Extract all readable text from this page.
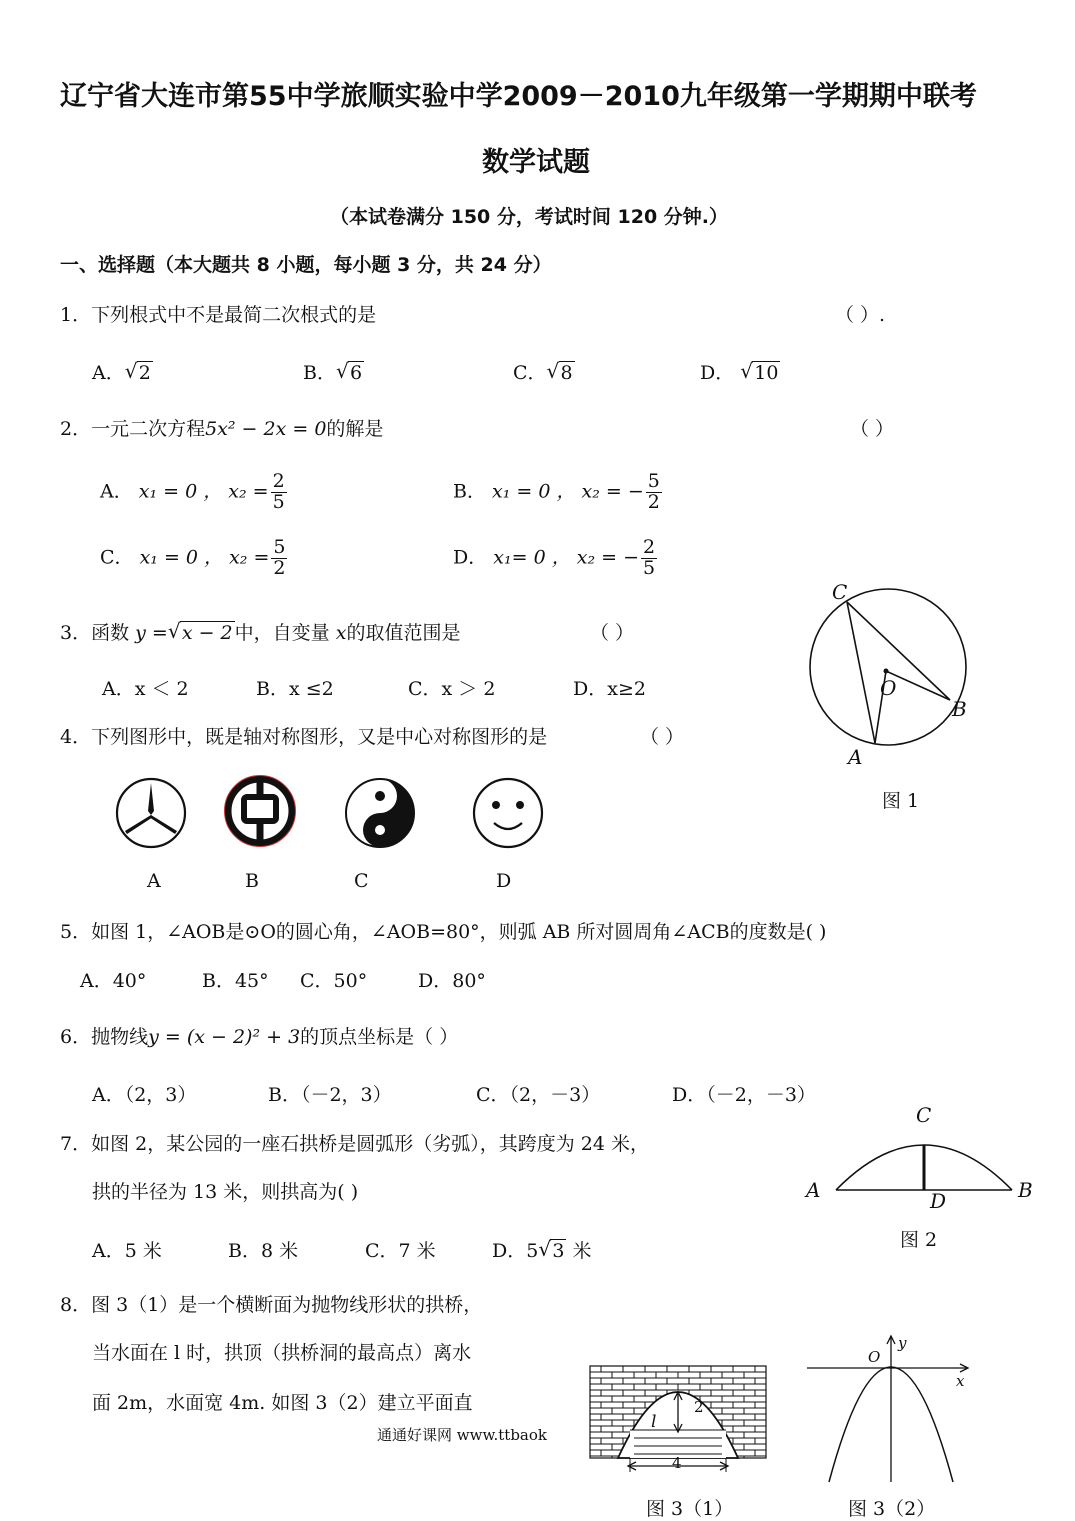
辽宁省大连市第55中学旅顺实验中学2009－2010九年级第一学期期中联考
数学试题
（本试卷满分 150 分，考试时间 120 分钟.）
一、选择题（本大题共 8 小题，每小题 3 分，共 24 分）
1．下列根式中不是最简二次根式的是	（ ）.
A． √ 2	B． √ 6	C． √ 8	D． √ 10
2．一元二次方程5x² − 2x = 0的解是	（ ）
A． x₁ = 0 ， $x_2 = \frac{2}{5}$	B． x₁ = 0 ， x₂ = − $\frac{5}{2}$
C． x₁ = 0 ， $x_2 = \frac{5}{2}$	D． x₁= 0 ， x₂ = − $\frac{2}{5}$
3．函数 y = √ x − 2 中，自变量 x的取值范围是	（ ）
A．x ＜ 2	B．x ≤2	C．x ＞ 2	D．x≥2
C
O
B
A
图 1
4．下列图形中，既是轴对称图形，又是中心对称图形的是	（ ）
A	B	C	D
5．如图 1，∠AOB是⊙O的圆心角，∠AOB=80°，则弧 AB 所对圆周角∠ACB的度数是( )
A．40°	B．45° C．50°	D．80°
6．抛物线y = (x − 2)² + 3的顶点坐标是（ ）
A．（2，3）	B．（－2，3）	C．（2，－3）	D．（－2，－3）
7．如图 2，某公园的一座石拱桥是圆弧形（劣弧），其跨度为 24 米，
拱的半径为 13 米，则拱高为( )
A．5 米	B．8 米	C．7 米	D．5 √ 3 米
C
A	D	B
图 2
8．图 3（1）是一个横断面为抛物线形状的拱桥，
当水面在 l 时，拱顶（拱桥洞的最高点）离水
面 2m，水面宽 4m. 如图 3（2）建立平面直
通通好课网 www.ttbaok
l
2
4
图 3（1）
y
x
O
图 3（2）
